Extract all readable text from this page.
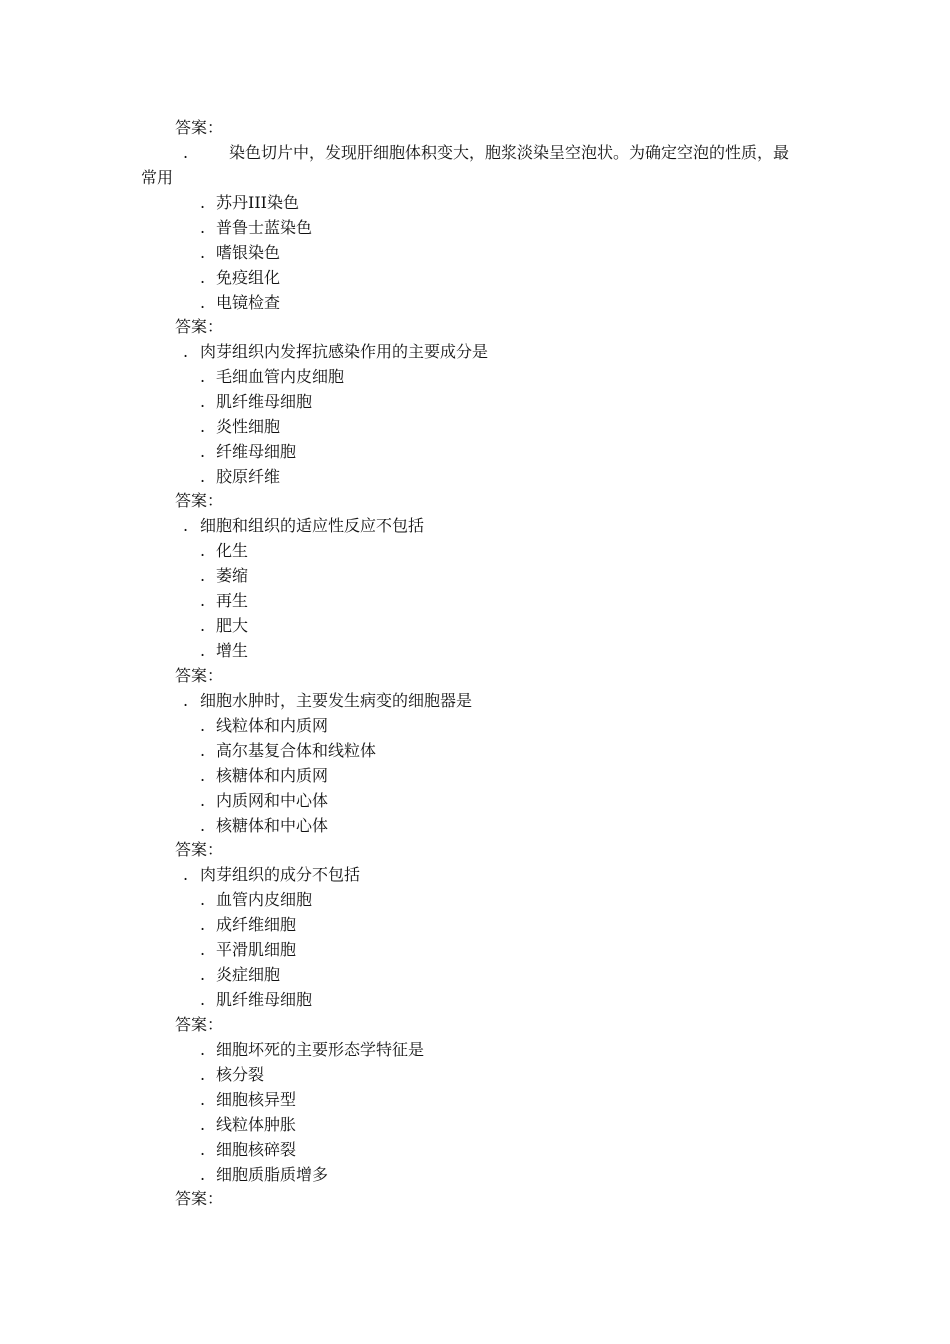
答案：
.	染色切片中，发现肝细胞体积变大，胞浆淡染呈空泡状。为确定空泡的性质，最
常用
. 苏丹III染色
. 普鲁士蓝染色
. 嗜银染色
. 免疫组化
. 电镜检查
答案：
. 肉芽组织内发挥抗感染作用的主要成分是
. 毛细血管内皮细胞
. 肌纤维母细胞
. 炎性细胞
. 纤维母细胞
. 胶原纤维
答案：
. 细胞和组织的适应性反应不包括
. 化生
. 萎缩
. 再生
. 肥大
. 增生
答案：
. 细胞水肿时，主要发生病变的细胞器是
. 线粒体和内质网
. 高尔基复合体和线粒体
. 核糖体和内质网
. 内质网和中心体
. 核糖体和中心体
答案：
. 肉芽组织的成分不包括
. 血管内皮细胞
. 成纤维细胞
. 平滑肌细胞
. 炎症细胞
. 肌纤维母细胞
答案：
. 细胞坏死的主要形态学特征是
. 核分裂
. 细胞核异型
. 线粒体肿胀
. 细胞核碎裂
. 细胞质脂质增多
答案：
